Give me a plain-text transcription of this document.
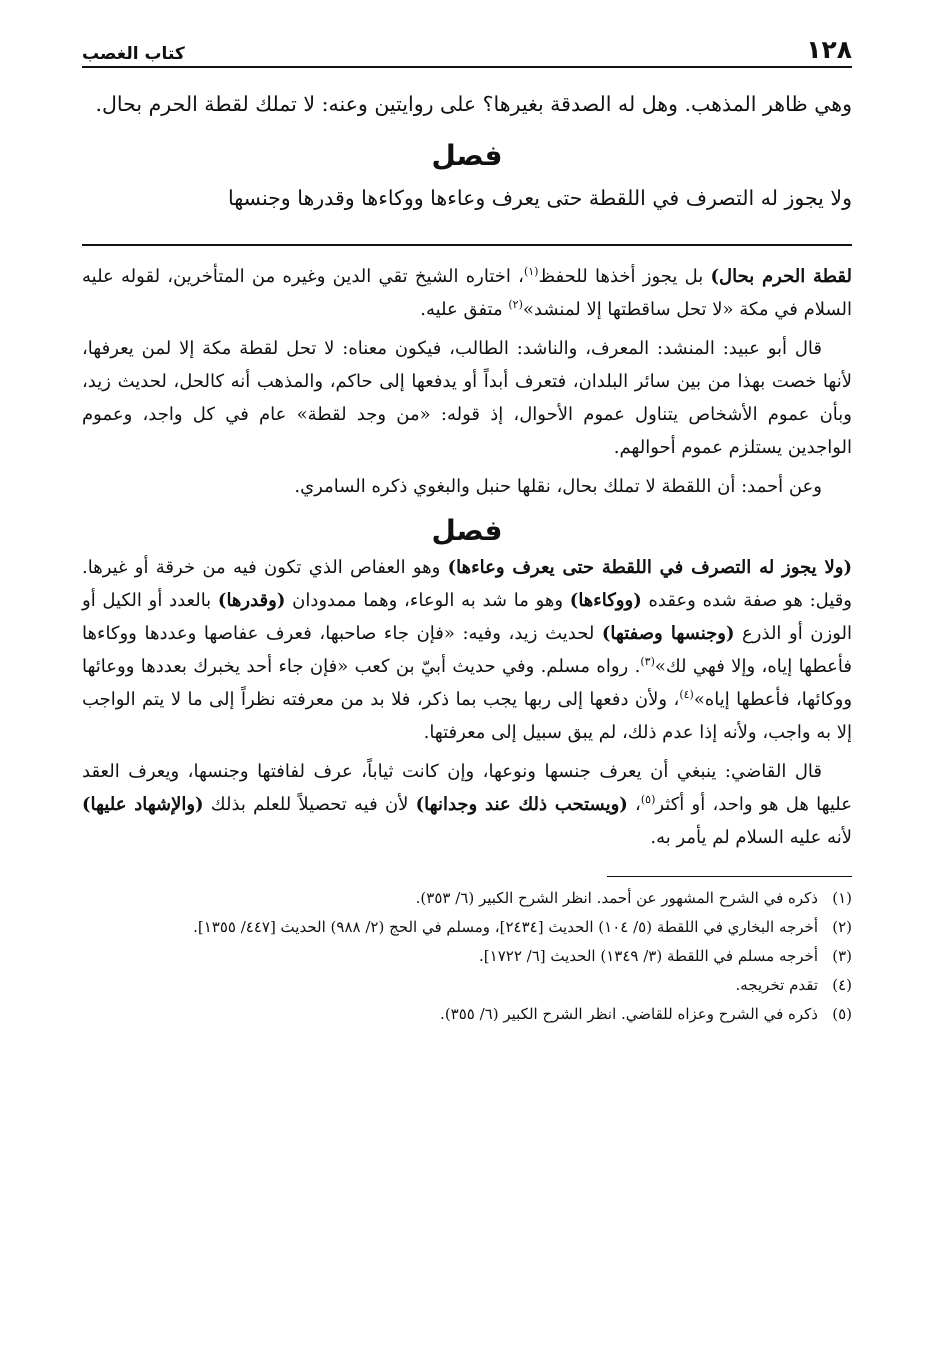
١٢٨
كتاب الغصب

وهي ظاهر المذهب. وهل له الصدقة بغيرها؟ على روايتين وعنه: لا تملك لقطة الحرم بحال.

فصل

ولا يجوز له التصرف في اللقطة حتى يعرف وعاءها ووكاءها وقدرها وجنسها

لقطة الحرم بحال) بل يجوز أخذها للحفظ$^{(١)}$، اختاره الشيخ تقي الدين وغيره من المتأخرين، لقوله عليه السلام في مكة «لا تحل ساقطتها إلا لمنشد»$^{(٢)}$ متفق عليه.

قال أبو عبيد: المنشد: المعرف، والناشد: الطالب، فيكون معناه: لا تحل لقطة مكة إلا لمن يعرفها، لأنها خصت بهذا من بين سائر البلدان، فتعرف أبداً أو يدفعها إلى حاكم، والمذهب أنه كالحل، لحديث زيد، وبأن عموم الأشخاص يتناول عموم الأحوال، إذ قوله: «من وجد لقطة» عام في كل واجد، وعموم الواجدين يستلزم عموم أحوالهم.

وعن أحمد: أن اللقطة لا تملك بحال، نقلها حنبل والبغوي ذكره السامري.

فصل

(ولا يجوز له التصرف في اللقطة حتى يعرف وعاءها) وهو العفاص الذي تكون فيه من خرقة أو غيرها. وقيل: هو صفة شده وعقده (ووكاءها) وهو ما شد به الوعاء، وهما ممدودان (وقدرها) بالعدد أو الكيل أو الوزن أو الذرع (وجنسها وصفتها) لحديث زيد، وفيه: «فإن جاء صاحبها، فعرف عفاصها وعددها ووكاءها فأعطها إياه، وإلا فهي لك»$^{(٣)}$. رواه مسلم. وفي حديث أبيّ بن كعب «فإن جاء أحد يخبرك بعددها ووعائها ووكائها، فأعطها إياه»$^{(٤)}$، ولأن دفعها إلى ربها يجب بما ذكر، فلا بد من معرفته نظراً إلى ما لا يتم الواجب إلا به واجب، ولأنه إذا عدم ذلك، لم يبق سبيل إلى معرفتها.

قال القاضي: ينبغي أن يعرف جنسها ونوعها، وإن كانت ثياباً، عرف لفافتها وجنسها، ويعرف العقد عليها هل هو واحد، أو أكثر$^{(٥)}$، (ويستحب ذلك عند وجدانها) لأن فيه تحصيلاً للعلم بذلك (والإشهاد عليها) لأنه عليه السلام لم يأمر به.

(١)
ذكره في الشرح المشهور عن أحمد. انظر الشرح الكبير (٦/ ٣٥٣).
(٢)
أخرجه البخاري في اللقطة (٥/ ١٠٤) الحديث [٢٤٣٤]، ومسلم في الحج (٢/ ٩٨٨) الحديث [٤٤٧/ ١٣٥٥].
(٣)
أخرجه مسلم في اللقطة (٣/ ١٣٤٩) الحديث [٦/ ١٧٢٢].
(٤)
تقدم تخريجه.
(٥)
ذكره في الشرح وعزاه للقاضي. انظر الشرح الكبير (٦/ ٣٥٥).
